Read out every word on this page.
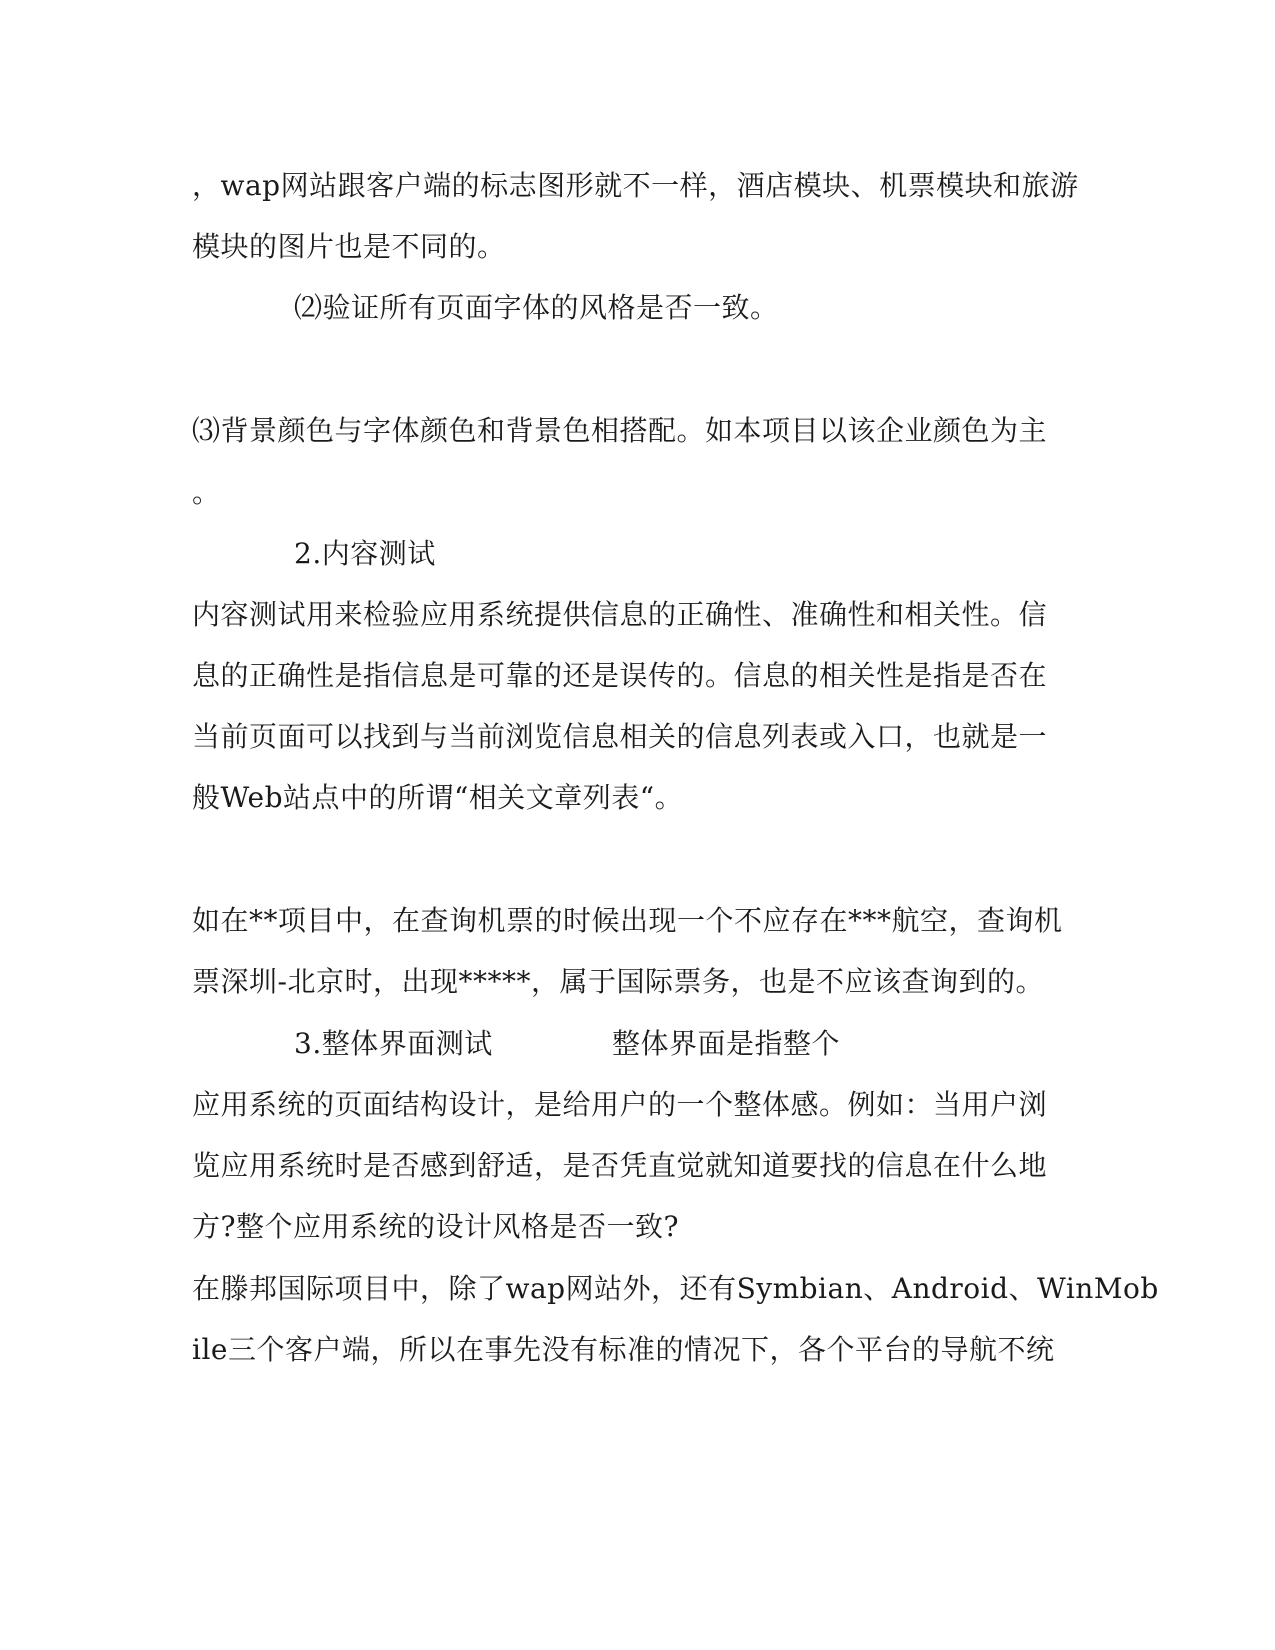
，wap网站跟客户端的标志图形就不一样，酒店模块、机票模块和旅游
模块的图片也是不同的。
⑵验证所有页面字体的风格是否一致。
⑶背景颜色与字体颜色和背景色相搭配。如本项目以该企业颜色为主
。
2.内容测试
内容测试用来检验应用系统提供信息的正确性、准确性和相关性。信
息的正确性是指信息是可靠的还是误传的。信息的相关性是指是否在
当前页面可以找到与当前浏览信息相关的信息列表或入口，也就是一
般Web站点中的所谓“相关文章列表“。
如在**项目中，在查询机票的时候出现一个不应存在***航空，查询机
票深圳-北京时，出现*****，属于国际票务，也是不应该查询到的。
3.整体界面测试	整体界面是指整个
应用系统的页面结构设计，是给用户的一个整体感。例如：当用户浏
览应用系统时是否感到舒适，是否凭直觉就知道要找的信息在什么地
方?整个应用系统的设计风格是否一致?
在滕邦国际项目中，除了wap网站外，还有Symbian、Android、WinMob
ile三个客户端，所以在事先没有标准的情况下，各个平台的导航不统
